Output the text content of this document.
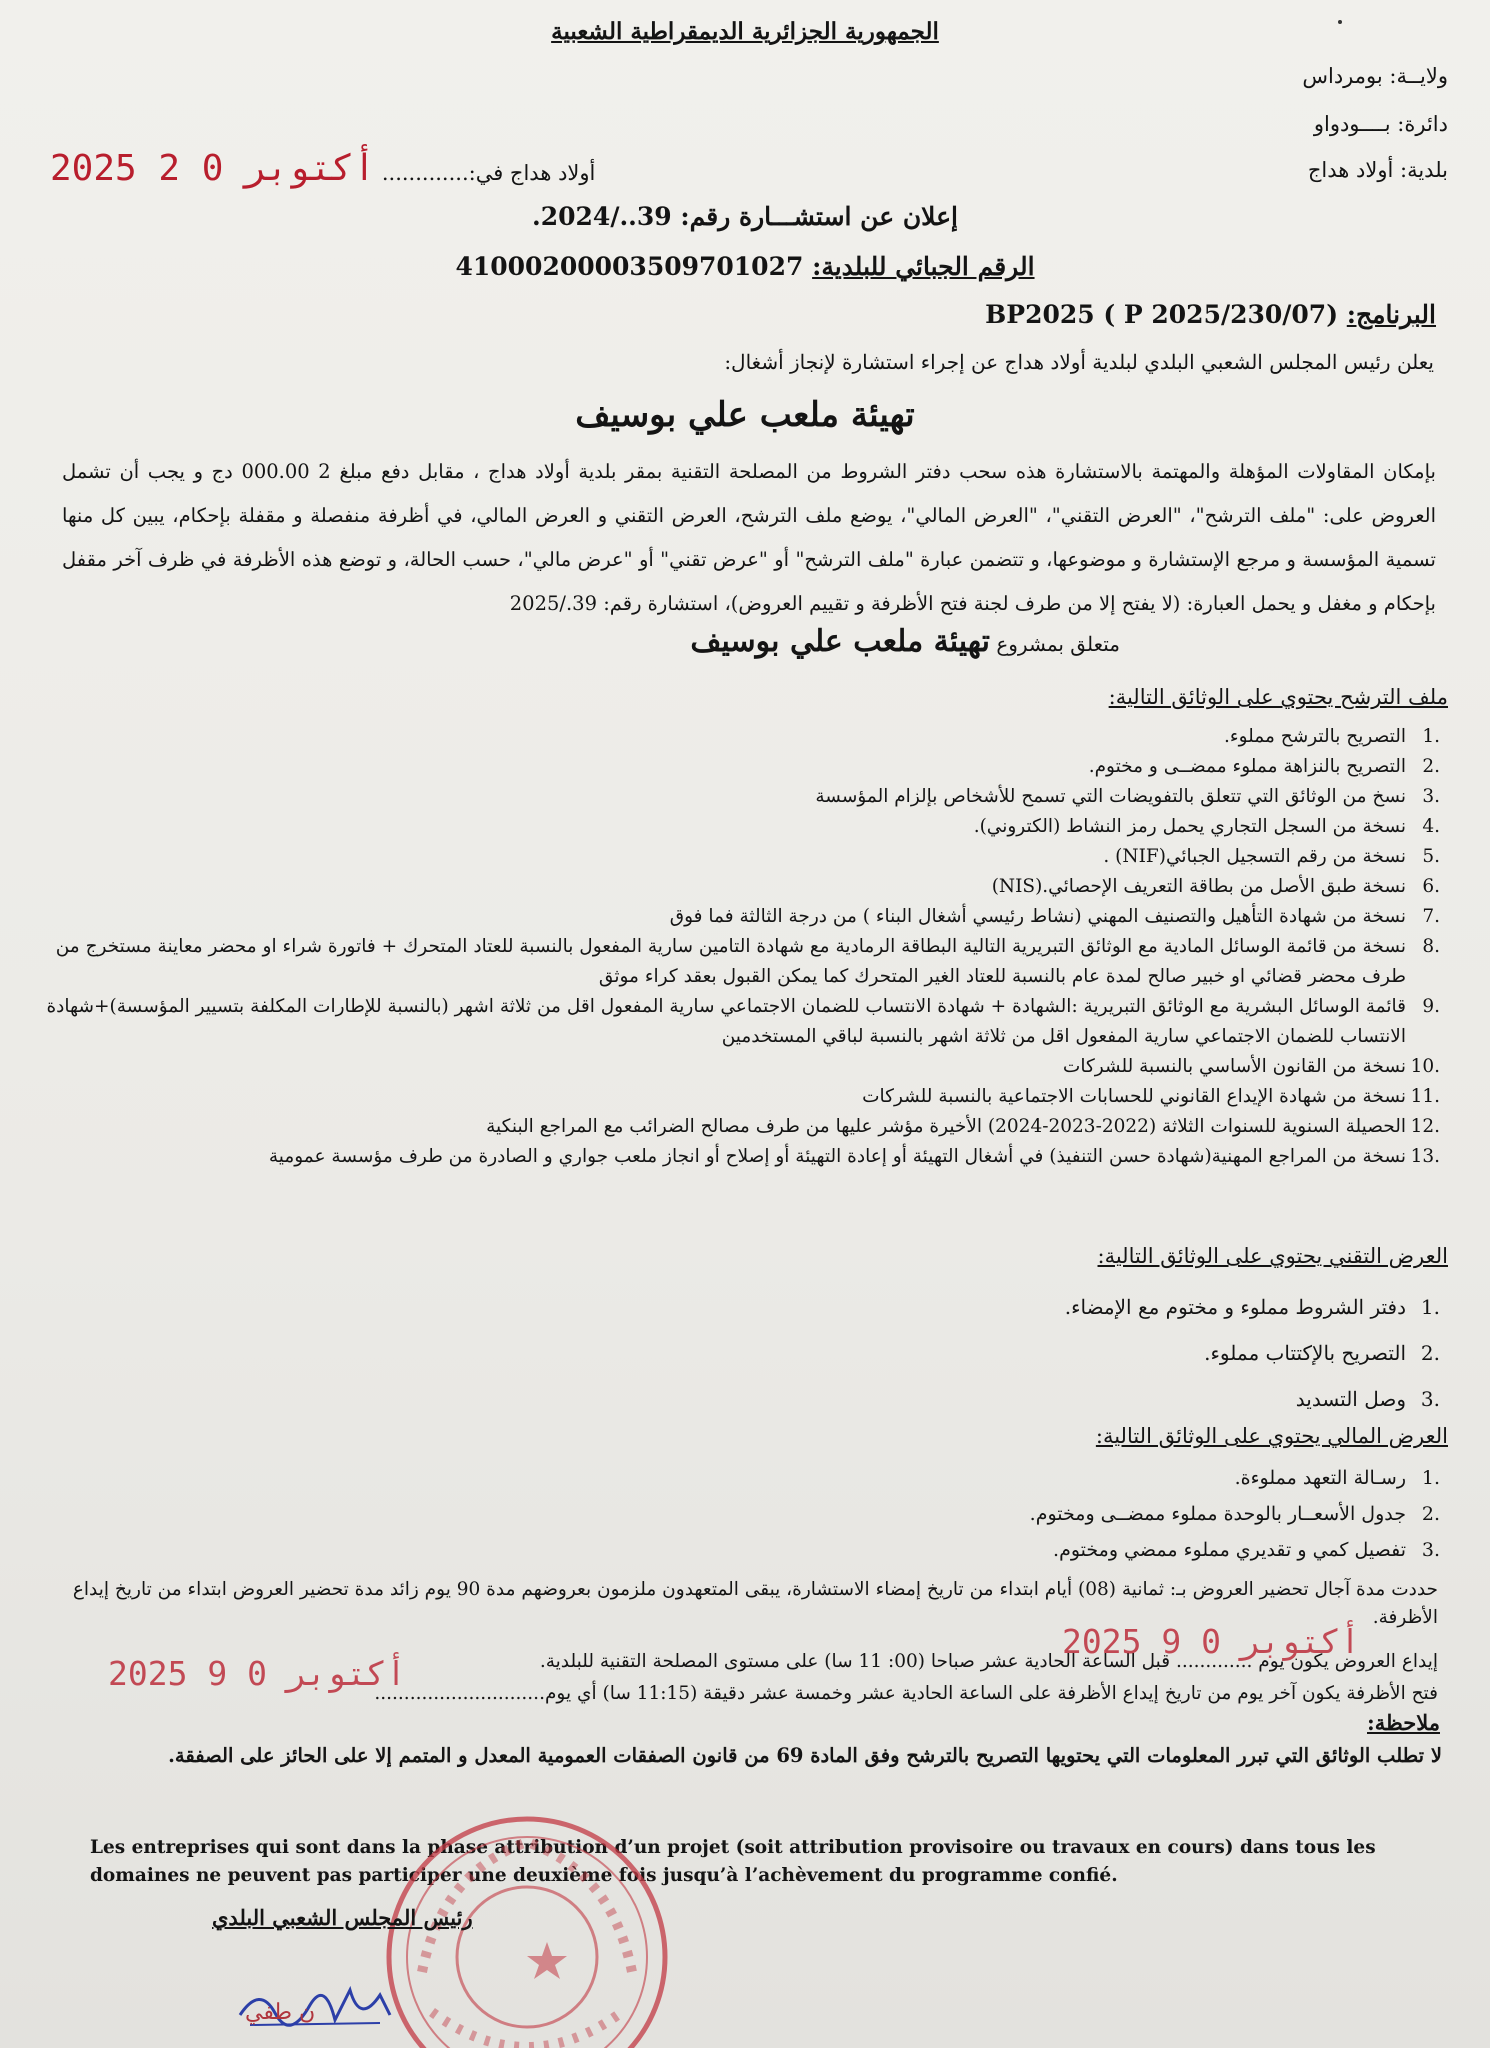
الجمهورية الجزائرية الديمقراطية الشعبية
ولايــة: بومرداس
دائرة: بــــودواو
بلدية: أولاد هداج
2025 أكتوبر 0 2 أولاد هداج في:.............
إعلان عن استشـــارة رقم: 39../2024.
الرقم الجبائي للبلدية: 410002000035097010​27
البرنامج: BP2025 ( P 2025/230/07)
يعلن رئيس المجلس الشعبي البلدي لبلدية أولاد هداج عن إجراء استشارة لإنجاز أشغال:
تهيئة ملعب علي بوسيف
بإمكان المقاولات المؤهلة والمهتمة بالاستشارة هذه سحب دفتر الشروط من المصلحة التقنية بمقر بلدية أولاد هداج ، مقابل دفع مبلغ 2 000.00 دج و يجب أن تشمل العروض على: "ملف الترشح"، "العرض التقني"، "العرض المالي"، يوضع ملف الترشح، العرض التقني و العرض المالي، في أظرفة منفصلة و مقفلة بإحكام، يبين كل منها تسمية المؤسسة و مرجع الإستشارة و موضوعها، و تتضمن عبارة "ملف الترشح" أو "عرض تقني" أو "عرض مالي"، حسب الحالة، و توضع هذه الأظرفة في ظرف آخر مقفل بإحكام و مغفل و يحمل العبارة: (لا يفتح إلا من طرف لجنة فتح الأظرفة و تقييم العروض)، استشارة رقم: 39./2025
متعلق بمشروع تهيئة ملعب علي بوسيف
ملف الترشح يحتوي على الوثائق التالية:
.1
التصريح بالترشح مملوء.
.2
التصريح بالنزاهة مملوء ممضــى و مختوم.
.3
نسخ من الوثائق التي تتعلق بالتفويضات التي تسمح للأشخاص بإلزام المؤسسة
.4
نسخة من السجل التجاري يحمل رمز النشاط (الكتروني).
.5
نسخة من رقم التسجيل الجبائي(NIF) .
.6
نسخة طبق الأصل من بطاقة التعريف الإحصائي.(NIS)
.7
نسخة من شهادة التأهيل والتصنيف المهني (نشاط رئيسي أشغال البناء ) من درجة الثالثة فما فوق
.8
نسخة من قائمة الوسائل المادية مع الوثائق التبريرية التالية البطاقة الرمادية مع شهادة التامين سارية المفعول بالنسبة للعتاد المتحرك + فاتورة شراء او محضر معاينة مستخرج من طرف محضر قضائي او خبير صالح لمدة عام بالنسبة للعتاد الغير المتحرك كما يمكن القبول بعقد كراء موثق
.9
قائمة الوسائل البشرية مع الوثائق التبريرية :الشهادة + شهادة الانتساب للضمان الاجتماعي سارية المفعول اقل من ثلاثة اشهر (بالنسبة للإطارات المكلفة بتسيير المؤسسة)+شهادة الانتساب للضمان الاجتماعي سارية المفعول اقل من ثلاثة اشهر بالنسبة لباقي المستخدمين
.10
نسخة من القانون الأساسي بالنسبة للشركات
.11
نسخة من شهادة الإيداع القانوني للحسابات الاجتماعية بالنسبة للشركات
.12
الحصيلة السنوية للسنوات الثلاثة (2022-2023-2024) الأخيرة مؤشر عليها من طرف مصالح الضرائب مع المراجع البنكية
.13
نسخة من المراجع المهنية(شهادة حسن التنفيذ) في أشغال التهيئة أو إعادة التهيئة أو إصلاح أو انجاز ملعب جواري و الصادرة من طرف مؤسسة عمومية
العرض التقني يحتوي على الوثائق التالية:
.1
دفتر الشروط مملوء و مختوم مع الإمضاء.
.2
التصريح بالإكتتاب مملوء.
.3
وصل التسديد
العرض المالي يحتوي على الوثائق التالية:
.1
رسـالة التعهد مملوءة.
.2
جدول الأسعــار بالوحدة مملوء ممضــى ومختوم.
.3
تفصيل كمي و تقديري مملوء ممضي ومختوم.
حددت مدة آجال تحضير العروض بـ: ثمانية (08) أيام ابتداء من تاريخ إمضاء الاستشارة، يبقى المتعهدون ملزمون بعروضهم مدة 90 يوم زائد مدة تحضير العروض ابتداء من تاريخ إيداع الأظرفة.
إيداع العروض يكون يوم ............. قبل الساعة الحادية عشر صباحا (00: 11 سا) على مستوى المصلحة التقنية للبلدية.
فتح الأظرفة يكون آخر يوم من تاريخ إيداع الأظرفة على الساعة الحادية عشر وخمسة عشر دقيقة (11:15 سا) أي يوم.............................
2025 أكتوبر 0 9
2025 أكتوبر 0 9
ملاحظة:
لا تطلب الوثائق التي تبرر المعلومات التي يحتويها التصريح بالترشح وفق المادة 69 من قانون الصفقات العمومية المعدل و المتمم إلا على الحائز على الصفقة.
Les entreprises qui sont dans la phase attribution d’un projet (soit attribution provisoire ou travaux en cours) dans tous les domaines ne peuvent pas participer une deuxième fois jusqu’à l’achèvement du programme confié.
رئيس المجلس الشعبي البلدي
ن طفي
